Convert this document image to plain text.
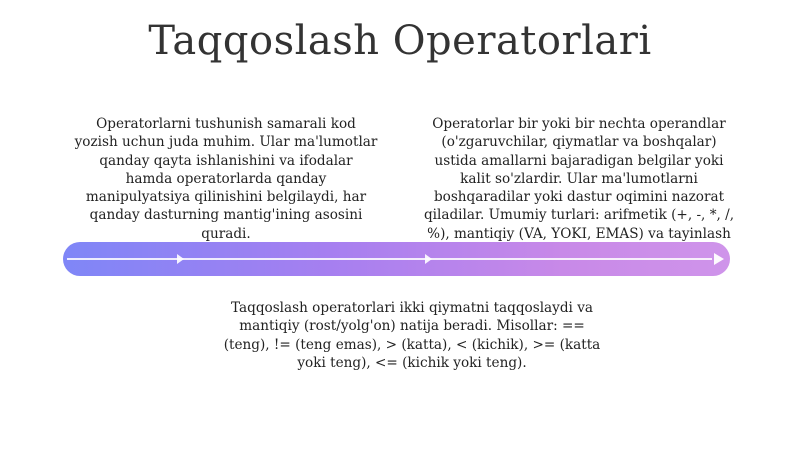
Taqqoslash Operatorlari

Operatorlarni tushunish samarali kod yozish uchun juda muhim. Ular ma'lumotlar qanday qayta ishlanishini va ifodalar hamda operatorlarda qanday manipulyatsiya qilinishini belgilaydi, har qanday dasturning mantig'ining asosini quradi.

Operatorlar bir yoki bir nechta operandlar (o'zgaruvchilar, qiymatlar va boshqalar) ustida amallarni bajaradigan belgilar yoki kalit so'zlardir. Ular ma'lumotlarni boshqaradilar yoki dastur oqimini nazorat qiladilar. Umumiy turlari: arifmetik (+, -, *, /, %), mantiqiy (VA, YOKI, EMAS) va tayinlash

Taqqoslash operatorlari ikki qiymatni taqqoslaydi va mantiqiy (rost/yolg'on) natija beradi. Misollar: == (teng), != (teng emas), > (katta), < (kichik), >= (katta yoki teng), <= (kichik yoki teng).
